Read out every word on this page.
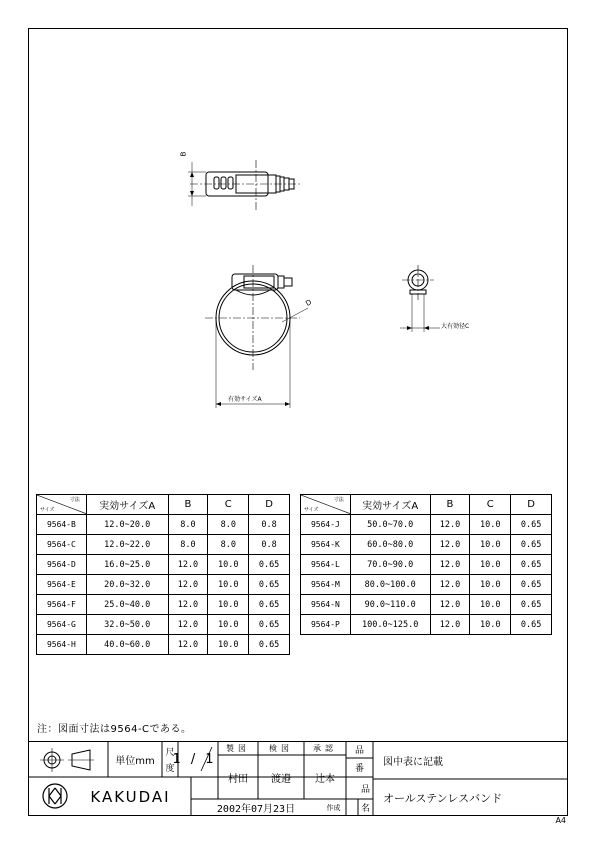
B
D
有効サイズA
大有効径C
寸法
サイズ	実効サイズA	B	C	D
9564-B	12.0~20.0	8.0	8.0	0.8
9564-C	12.0~22.0	8.0	8.0	0.8
9564-D	16.0~25.0	12.0	10.0	0.65
9564-E	20.0~32.0	12.0	10.0	0.65
9564-F	25.0~40.0	12.0	10.0	0.65
9564-G	32.0~50.0	12.0	10.0	0.65
9564-H	40.0~60.0	12.0	10.0	0.65
寸法
サイズ	実効サイズA	B	C	D
9564-J	50.0~70.0	12.0	10.0	0.65
9564-K	60.0~80.0	12.0	10.0	0.65
9564-L	70.0~90.0	12.0	10.0	0.65
9564-M	80.0~100.0	12.0	10.0	0.65
9564-N	90.0~110.0	12.0	10.0	0.65
9564-P	100.0~125.0	12.0	10.0	0.65
注：図面寸法は9564-Cである。
単位mm
尺
度
1/1
製図	検図	承認
村田	渡邉	辻本
品
番
品
名
図中表に記載
オールステンレスバンド
KAKUDAI
2002年07月23日	作成
A4
